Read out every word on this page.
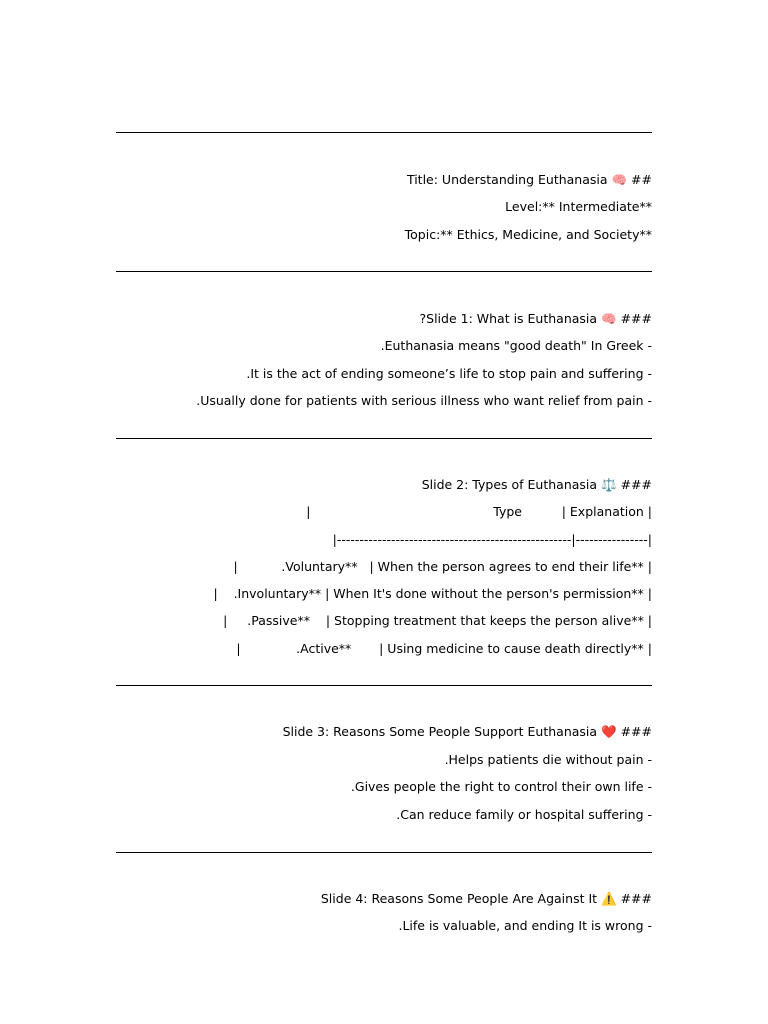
Title: Understanding Euthanasia 🧠 ##
Level:** Intermediate**
Topic:** Ethics, Medicine, and Society**
?Slide 1: What is Euthanasia 🧠 ###
.Euthanasia means "good death" In Greek -
.It is the act of ending someone’s life to stop pain and suffering -
.Usually done for patients with serious illness who want relief from pain -
Slide 2: Types of Euthanasia ⚖️ ###
|                                              Type          | Explanation |
|----------------------------------------------------|----------------|
|           .Voluntary**   | When the person agrees to end their life** |
|    .Involuntary** | When It's done without the person's permission** |
|     .Passive**    | Stopping treatment that keeps the person alive** |
|              .Active**       | Using medicine to cause death directly** |
Slide 3: Reasons Some People Support Euthanasia ❤️ ###
.Helps patients die without pain -
.Gives people the right to control their own life -
.Can reduce family or hospital suffering -
Slide 4: Reasons Some People Are Against It ⚠️ ###
.Life is valuable, and ending It is wrong -
